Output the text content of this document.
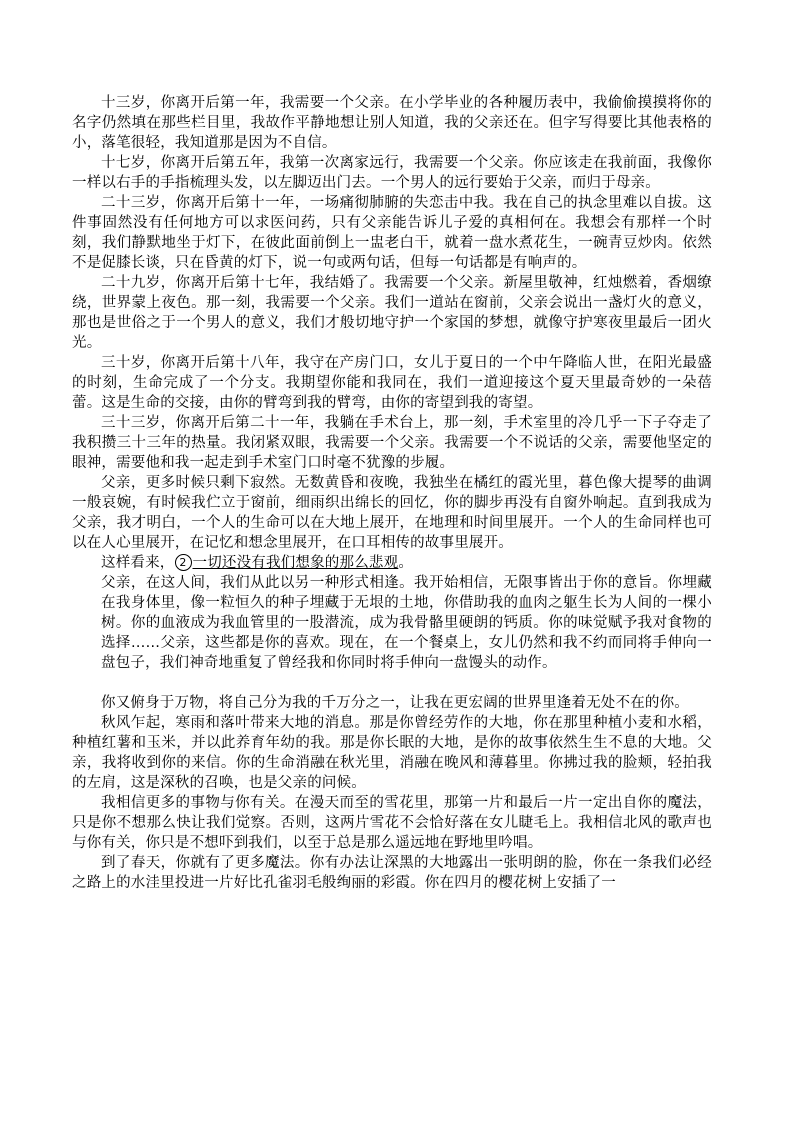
十三岁，你离开后第一年，我需要一个父亲。在小学毕业的各种履历表中，我偷偷摸摸将你的名字仍然填在那些栏目里，我故作平静地想让别人知道，我的父亲还在。但字写得要比其他表格的小，落笔很轻，我知道那是因为不自信。

十七岁，你离开后第五年，我第一次离家远行，我需要一个父亲。你应该走在我前面，我像你一样以右手的手指梳理头发，以左脚迈出门去。一个男人的远行要始于父亲，而归于母亲。

二十三岁，你离开后第十一年，一场痛彻肺腑的失恋击中我。我在自己的执念里难以自拔。这件事固然没有任何地方可以求医问药，只有父亲能告诉儿子爱的真相何在。我想会有那样一个时刻，我们静默地坐于灯下，在彼此面前倒上一盅老白干，就着一盘水煮花生，一碗青豆炒肉。依然不是促膝长谈，只在昏黄的灯下，说一句或两句话，但每一句话都是有响声的。

二十九岁，你离开后第十七年，我结婚了。我需要一个父亲。新屋里敬神，红烛燃着，香烟缭绕，世界蒙上夜色。那一刻，我需要一个父亲。我们一道站在窗前，父亲会说出一盏灯火的意义，那也是世俗之于一个男人的意义，我们才般切地守护一个家国的梦想，就像守护寒夜里最后一团火光。

三十岁，你离开后第十八年，我守在产房门口，女儿于夏日的一个中午降临人世，在阳光最盛的时刻，生命完成了一个分支。我期望你能和我同在，我们一道迎接这个夏天里最奇妙的一朵蓓蕾。这是生命的交接，由你的臂弯到我的臂弯，由你的寄望到我的寄望。

三十三岁，你离开后第二十一年，我躺在手术台上，那一刻，手术室里的冷几乎一下子夺走了我积攒三十三年的热量。我闭紧双眼，我需要一个父亲。我需要一个不说话的父亲，需要他坚定的眼神，需要他和我一起走到手术室门口时毫不犹豫的步履。

父亲，更多时候只剩下寂然。无数黄昏和夜晚，我独坐在橘红的霞光里，暮色像大提琴的曲调一般哀婉，有时候我伫立于窗前，细雨织出绵长的回忆，你的脚步再没有自窗外响起。直到我成为父亲，我才明白，一个人的生命可以在大地上展开，在地理和时间里展开。一个人的生命同样也可以在人心里展开，在记忆和想念里展开，在口耳相传的故事里展开。

这样看来， 2 一切还没有我们想象的那么悲观。

父亲，在这人间，我们从此以另一种形式相逢。我开始相信，无限事皆出于你的意旨。你埋藏在我身体里，像一粒恒久的种子埋藏于无垠的土地，你借助我的血肉之躯生长为人间的一棵小树。你的血液成为我血管里的一股潜流，成为我骨骼里硬朗的钙质。你的味觉赋予我对食物的选择……父亲，这些都是你的喜欢。现在，在一个餐桌上，女儿仍然和我不约而同将手伸向一盘包子，我们神奇地重复了曾经我和你同时将手伸向一盘馒头的动作。

你又俯身于万物，将自己分为我的千万分之一，让我在更宏阔的世界里逢着无处不在的你。

秋风乍起，寒雨和落叶带来大地的消息。那是你曾经劳作的大地，你在那里种植小麦和水稻，种植红薯和玉米，并以此养育年幼的我。那是你长眠的大地，是你的故事依然生生不息的大地。父亲，我将收到你的来信。你的生命消融在秋光里，消融在晚风和薄暮里。你拂过我的脸颊，轻拍我的左肩，这是深秋的召唤，也是父亲的问候。

我相信更多的事物与你有关。在漫天而至的雪花里，那第一片和最后一片一定出自你的魔法，只是你不想那么快让我们觉察。否则，这两片雪花不会恰好落在女儿睫毛上。我相信北风的歌声也与你有关，你只是不想吓到我们，以至于总是那么遥远地在野地里吟唱。

到了春天，你就有了更多魔法。你有办法让深黑的大地露出一张明朗的脸，你在一条我们必经之路上的水洼里投进一片好比孔雀羽毛般绚丽的彩霞。你在四月的樱花树上安插了一
